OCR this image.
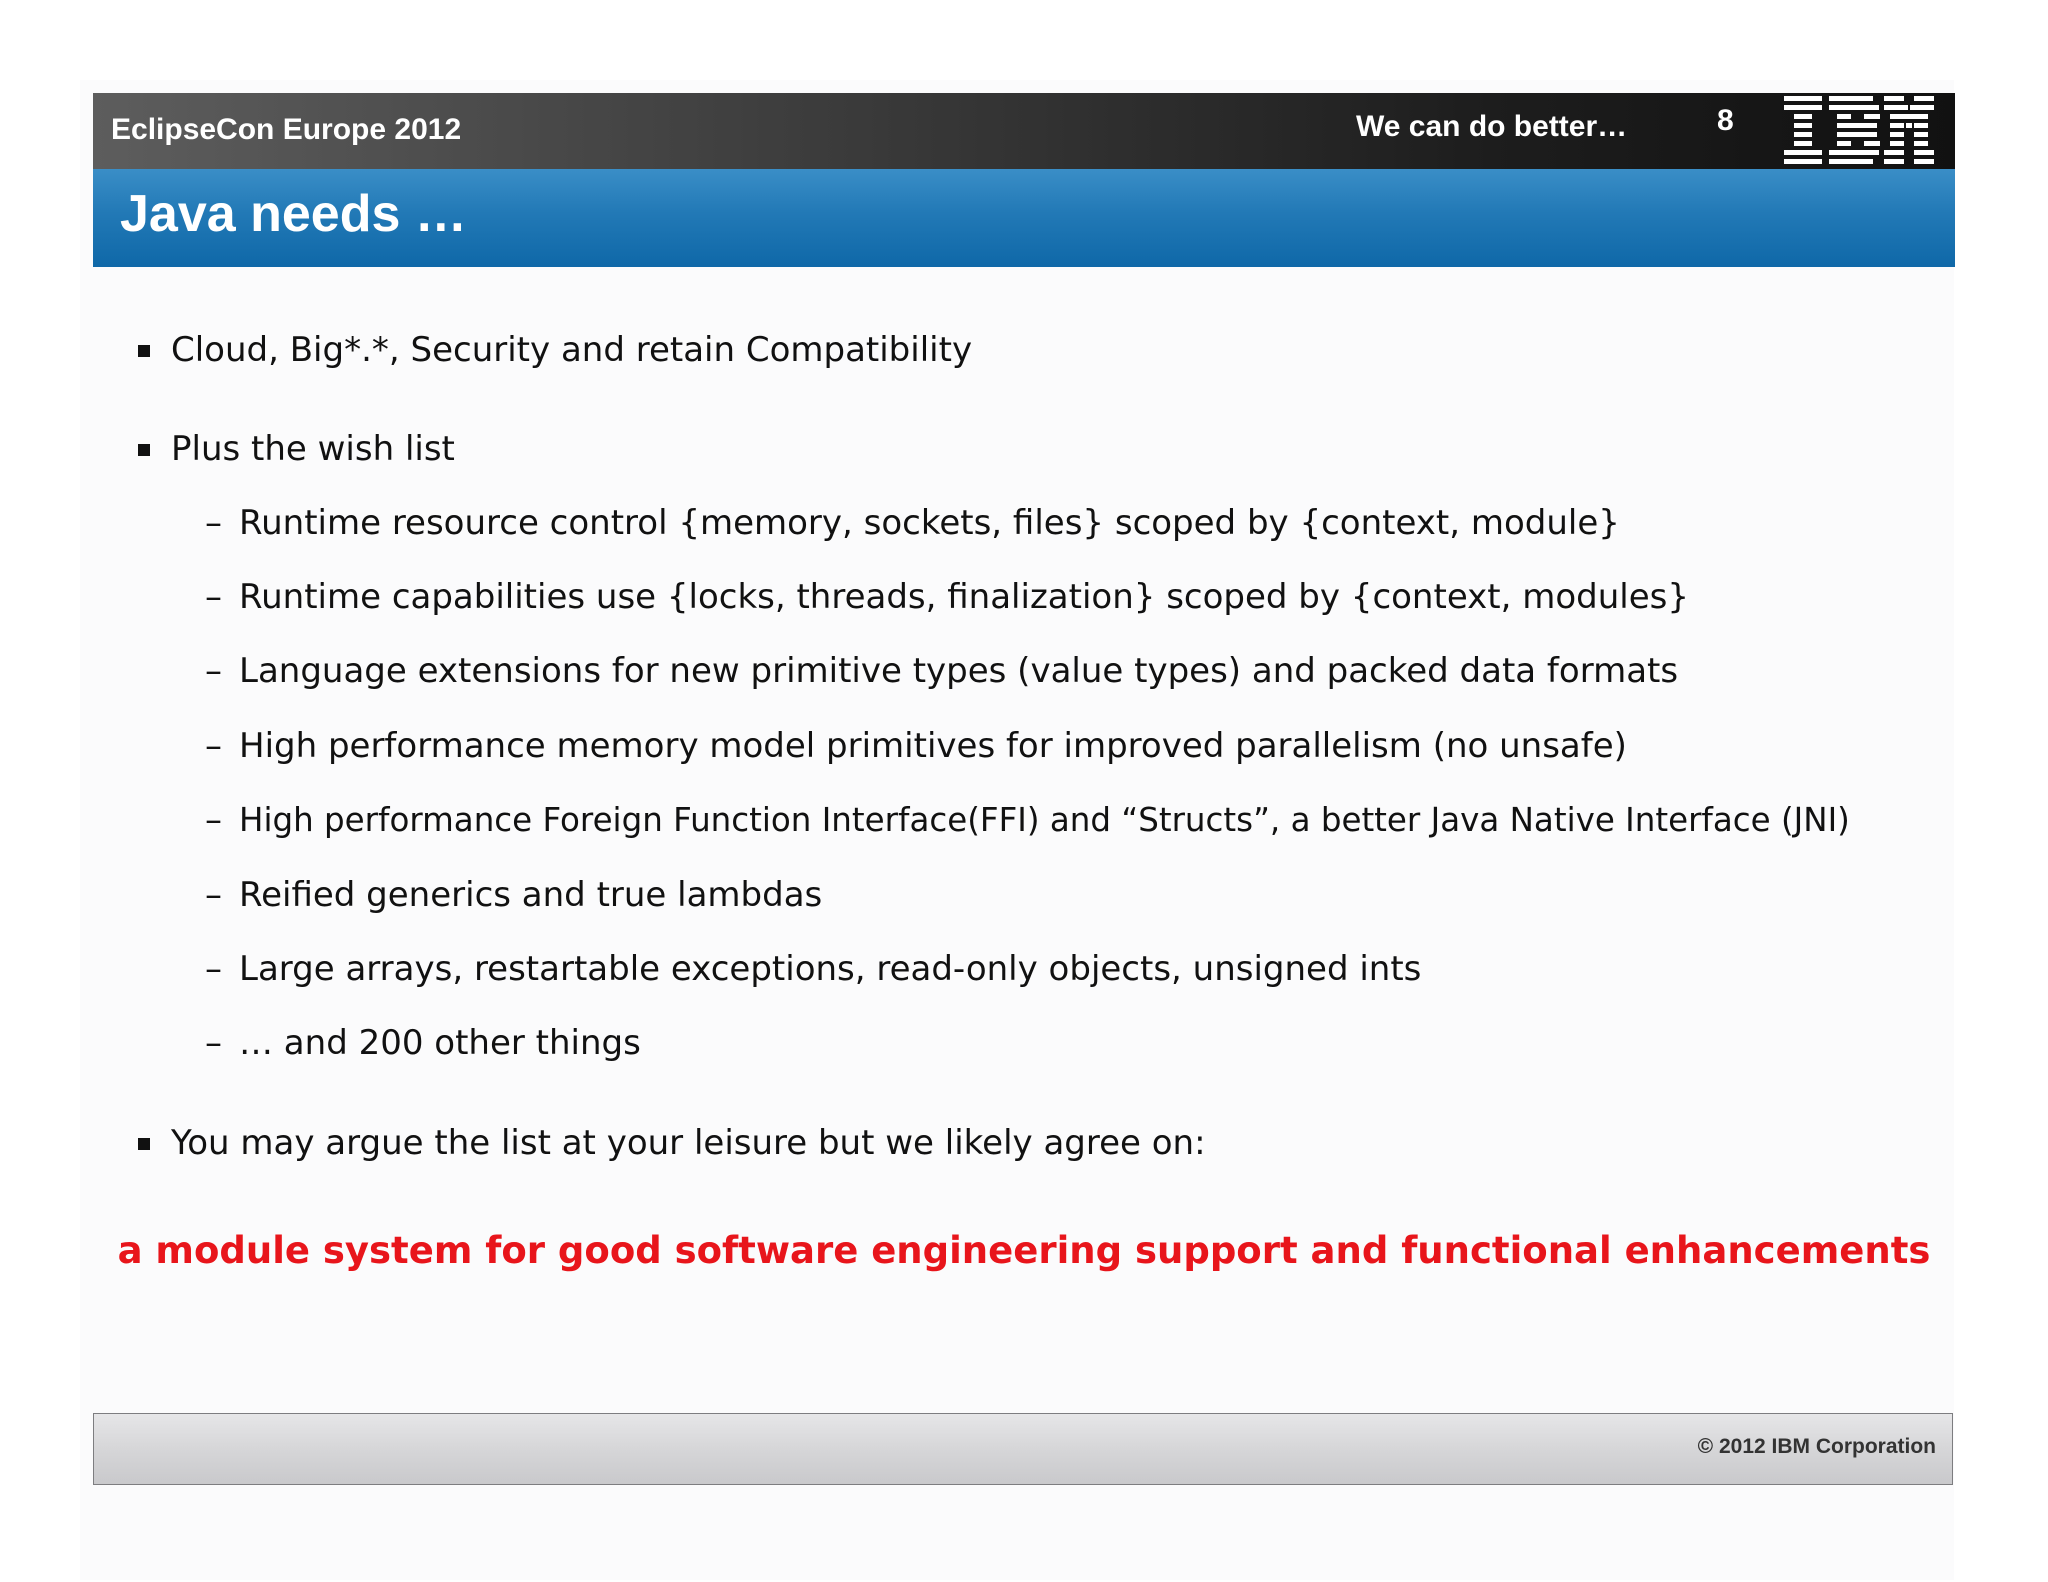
EclipseCon Europe 2012	We can do better…	8
Java needs …
Cloud, Big*.*, Security and retain Compatibility
Plus the wish list
– Runtime resource control {memory, sockets, files} scoped by {context, module}
– Runtime capabilities use {locks, threads, finalization} scoped by {context, modules}
– Language extensions for new primitive types (value types) and packed data formats
– High performance memory model primitives for improved parallelism (no unsafe)
– High performance Foreign Function Interface(FFI) and “Structs”, a better Java Native Interface (JNI)
– Reified generics and true lambdas
– Large arrays, restartable exceptions, read-only objects, unsigned ints
– … and 200 other things
You may argue the list at your leisure but we likely agree on:
a module system for good software engineering support and functional enhancements
© 2012 IBM Corporation
